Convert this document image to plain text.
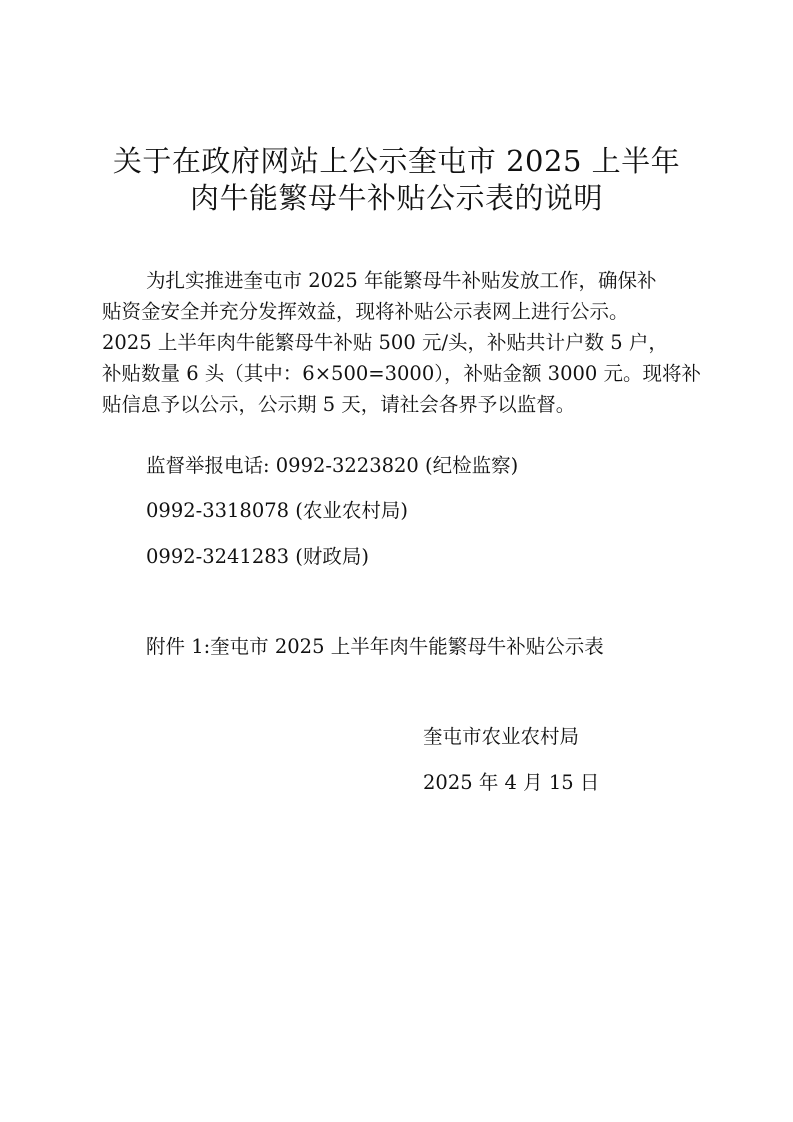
关于在政府网站上公示奎屯市 2025 上半年
肉牛能繁母牛补贴公示表的说明
为扎实推进奎屯市 2025 年能繁母牛补贴发放工作，确保补
贴资金安全并充分发挥效益，现将补贴公示表网上进行公示。
2025 上半年肉牛能繁母牛补贴 500 元/头，补贴共计户数 5 户，
补贴数量 6 头（其中：6×500=3000），补贴金额 3000 元。现将补
贴信息予以公示，公示期 5 天，请社会各界予以监督。
监督举报电话: 0992-3223820 (纪检监察)
0992-3318078 (农业农村局)
0992-3241283 (财政局)
附件 1:奎屯市 2025 上半年肉牛能繁母牛补贴公示表
奎屯市农业农村局
2025 年 4 月 15 日
